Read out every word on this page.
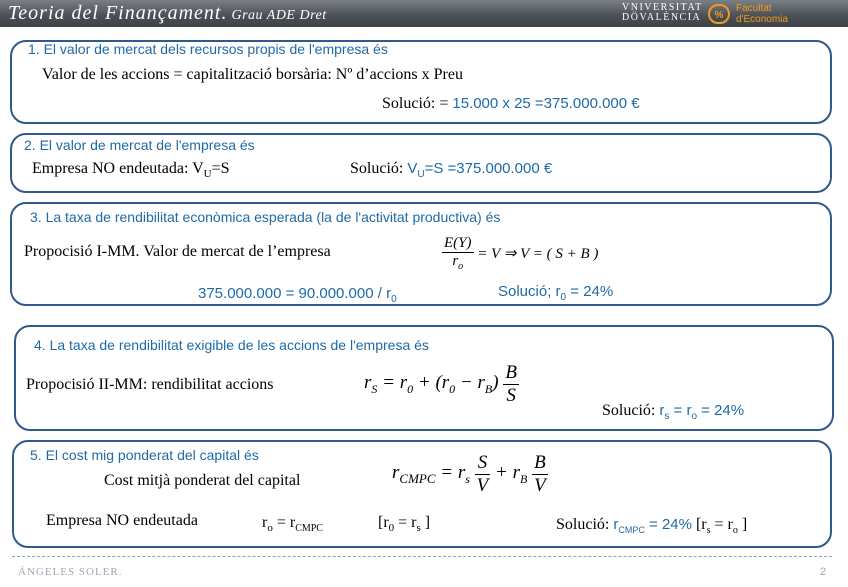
Teoria del Finançament. Grau ADE Dret
VNIVERSITAT
DÖVALÈNCIA	%
Facultat
d'Economia
1. El valor de mercat dels recursos propis de l'empresa és
Valor de les accions = capitalització borsària: Nº d’accions x Preu
Solució: = 15.000 x 25 =375.000.000 €
2. El valor de mercat de l'empresa és
Empresa NO endeutada: $V_U=S$	Solució: $V_U=S =375.000.000$ €
3. La taxa de rendibilitat econòmica esperada (la de l'activitat productiva) és
Propocisió I-MM. Valor de mercat de l’empresa	$\frac{E(Y)}{r_o} = V$ ⇒ V = ( S + B )
$375.000.000 = 90.000.000 / r_0$	Solució; $r_0 = 24\%$
4. La taxa de rendibilitat exigible de les accions de l'empresa és
Propocisió II-MM: rendibilitat accions	$r_S = r_0 + (r_0 - r_B) \frac{B}{S}$
Solució: $r_s = r_o = 24\%$
5. El cost mig ponderat del capital és
Cost mitjà ponderat del capital	$r_{CMPC} = r_s \frac{S}{V} + r_B \frac{B}{V}$
Empresa NO endeutada	$r_o = r_{CMPC}$	[$r_0 = r_s$ ]	Solució: $r_{CMPC} = 24\%$ [$r_s = r_o$ ]
ÁNGELES SOLER.	2
